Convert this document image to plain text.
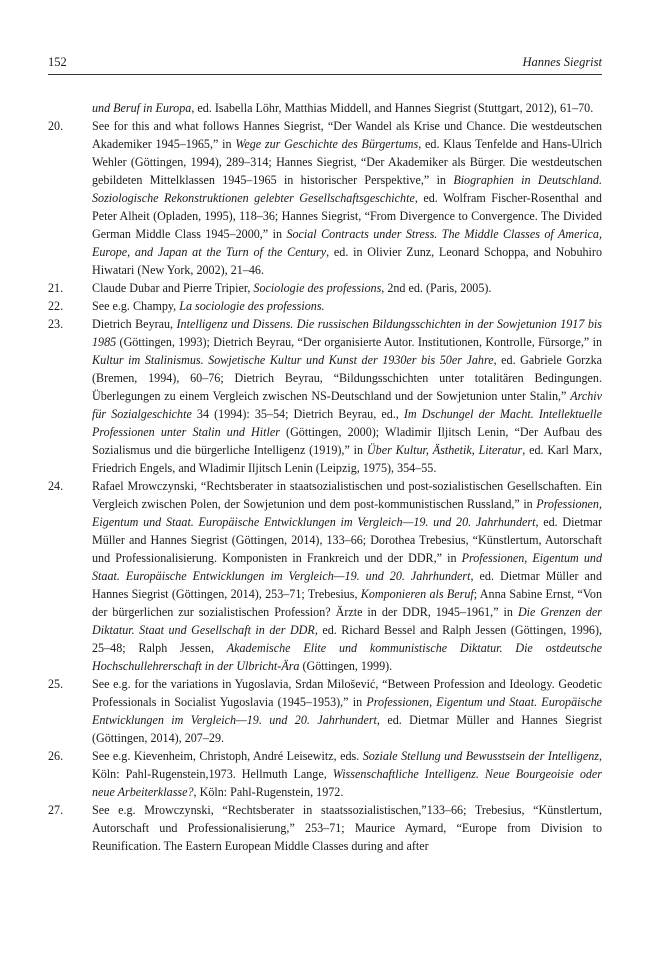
152	Hannes Siegrist
und Beruf in Europa, ed. Isabella Löhr, Matthias Middell, and Hannes Siegrist (Stuttgart, 2012), 61–70.
20.	See for this and what follows Hannes Siegrist, “Der Wandel als Krise und Chance. Die westdeutschen Akademiker 1945–1965,” in Wege zur Geschichte des Bürgertums, ed. Klaus Tenfelde and Hans-Ulrich Wehler (Göttingen, 1994), 289–314; Hannes Siegrist, “Der Akademiker als Bürger. Die westdeutschen gebildeten Mittelklassen 1945–1965 in historischer Perspektive,” in Biographien in Deutschland. Soziologische Rekonstruktionen gelebter Gesellschaftsgeschichte, ed. Wolfram Fischer-Rosenthal and Peter Alheit (Opladen, 1995), 118–36; Hannes Siegrist, “From Divergence to Convergence. The Divided German Middle Class 1945–2000,” in Social Contracts under Stress. The Middle Classes of America, Europe, and Japan at the Turn of the Century, ed. in Olivier Zunz, Leonard Schoppa, and Nobuhiro Hiwatari (New York, 2002), 21–46.
21.	Claude Dubar and Pierre Tripier, Sociologie des professions, 2nd ed. (Paris, 2005).
22.	See e.g. Champy, La sociologie des professions.
23.	Dietrich Beyrau, Intelligenz und Dissens. Die russischen Bildungsschichten in der Sowjetunion 1917 bis 1985 (Göttingen, 1993); Dietrich Beyrau, “Der organisierte Autor. Institutionen, Kontrolle, Fürsorge,” in Kultur im Stalinismus. Sowjetische Kultur und Kunst der 1930er bis 50er Jahre, ed. Gabriele Gorzka (Bremen, 1994), 60–76; Dietrich Beyrau, “Bildungsschichten unter totalitären Bedingungen. Überlegungen zu einem Vergleich zwischen NS-Deutschland und der Sowjetunion unter Stalin,” Archiv für Sozialgeschichte 34 (1994): 35–54; Dietrich Beyrau, ed., Im Dschungel der Macht. Intellektuelle Professionen unter Stalin und Hitler (Göttingen, 2000); Wladimir Iljitsch Lenin, “Der Aufbau des Sozialismus und die bürgerliche Intelligenz (1919),” in Über Kultur, Ästhetik, Literatur, ed. Karl Marx, Friedrich Engels, and Wladimir Iljitsch Lenin (Leipzig, 1975), 354–55.
24.	Rafael Mrowczynski, “Rechtsberater in staatsozialistischen und post-sozialistischen Gesellschaften. Ein Vergleich zwischen Polen, der Sowjetunion und dem post-kommunistischen Russland,” in Professionen, Eigentum und Staat. Europäische Entwicklungen im Vergleich—19. und 20. Jahrhundert, ed. Dietmar Müller and Hannes Siegrist (Göttingen, 2014), 133–66; Dorothea Trebesius, “Künstlertum, Autorschaft und Professionalisierung. Komponisten in Frankreich und der DDR,” in Professionen, Eigentum und Staat. Europäische Entwicklungen im Vergleich—19. und 20. Jahrhundert, ed. Dietmar Müller and Hannes Siegrist (Göttingen, 2014), 253–71; Trebesius, Komponieren als Beruf; Anna Sabine Ernst, “Von der bürgerlichen zur sozialistischen Profession? Ärzte in der DDR, 1945–1961,” in Die Grenzen der Diktatur. Staat und Gesellschaft in der DDR, ed. Richard Bessel and Ralph Jessen (Göttingen, 1996), 25–48; Ralph Jessen, Akademische Elite und kommunistische Diktatur. Die ostdeutsche Hochschullehrerschaft in der Ulbricht-Ära (Göttingen, 1999).
25.	See e.g. for the variations in Yugoslavia, Srdan Milošević, “Between Profession and Ideology. Geodetic Professionals in Socialist Yugoslavia (1945–1953),” in Professionen, Eigentum und Staat. Europäische Entwicklungen im Vergleich—19. und 20. Jahrhundert, ed. Dietmar Müller and Hannes Siegrist (Göttingen, 2014), 207–29.
26.	See e.g. Kievenheim, Christoph, André Leisewitz, eds. Soziale Stellung und Bewusstsein der Intelligenz, Köln: Pahl-Rugenstein,1973. Hellmuth Lange, Wissenschaftliche Intelligenz. Neue Bourgeoisie oder neue Arbeiterklasse?, Köln: Pahl-Rugenstein, 1972.
27.	See e.g. Mrowczynski, “Rechtsberater in staatssozialistischen,”133–66; Trebesius, “Künstlertum, Autorschaft und Professionalisierung,” 253–71; Maurice Aymard, “Europe from Division to Reunification. The Eastern European Middle Classes during and after
